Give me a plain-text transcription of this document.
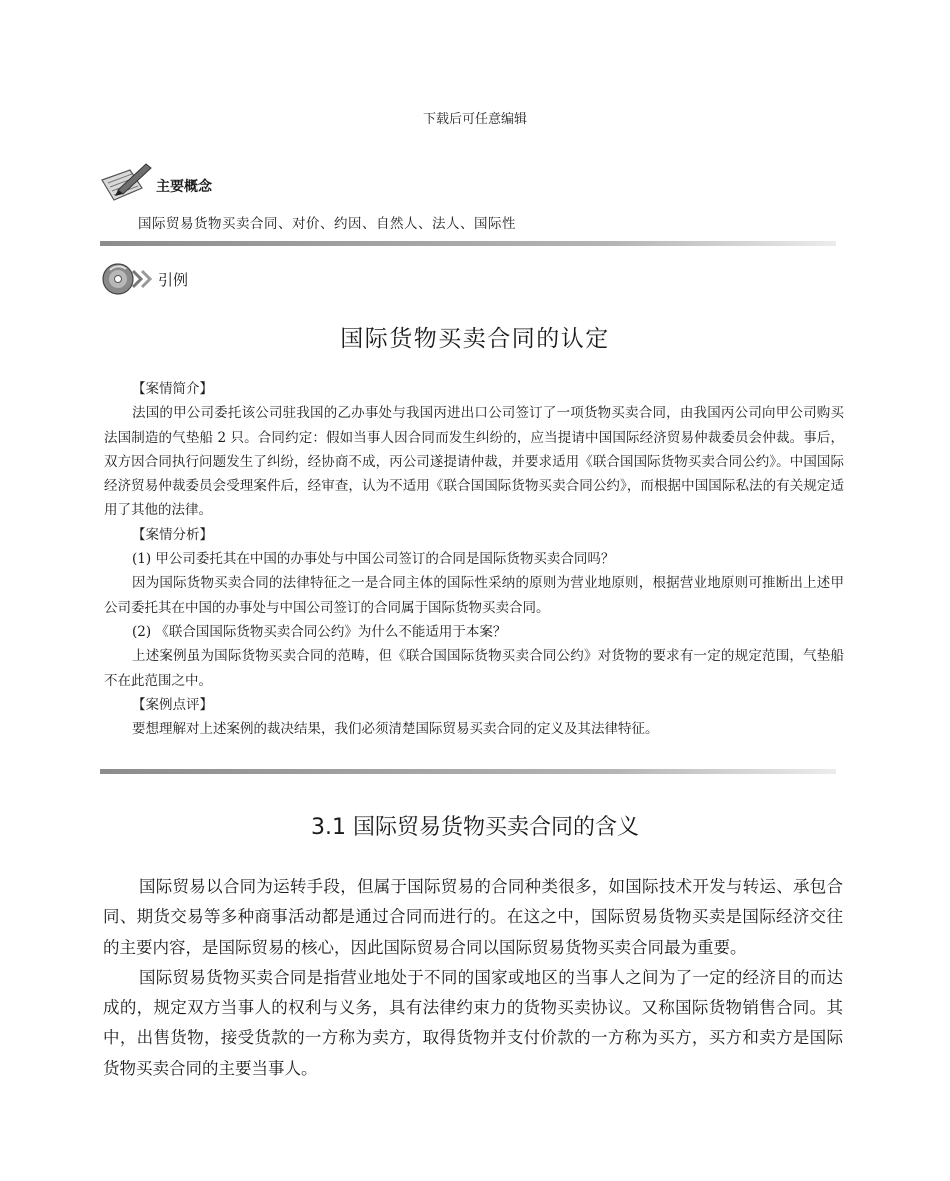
下载后可任意编辑
主要概念
国际贸易货物买卖合同、对价、约因、自然人、法人、国际性
引例
国际货物买卖合同的认定

【案情简介】

法国的甲公司委托该公司驻我国的乙办事处与我国丙进出口公司签订了一项货物买卖合同，由我国丙公司向甲公司购买法国制造的气垫船 2 只。合同约定：假如当事人因合同而发生纠纷的，应当提请中国国际经济贸易仲裁委员会仲裁。事后，双方因合同执行问题发生了纠纷，经协商不成，丙公司遂提请仲裁，并要求适用《联合国国际货物买卖合同公约》。中国国际经济贸易仲裁委员会受理案件后，经审查，认为不适用《联合国国际货物买卖合同公约》，而根据中国国际私法的有关规定适用了其他的法律。

【案情分析】

(1) 甲公司委托其在中国的办事处与中国公司签订的合同是国际货物买卖合同吗？

因为国际货物买卖合同的法律特征之一是合同主体的国际性采纳的原则为营业地原则，根据营业地原则可推断出上述甲公司委托其在中国的办事处与中国公司签订的合同属于国际货物买卖合同。

(2) 《联合国国际货物买卖合同公约》为什么不能适用于本案？

上述案例虽为国际货物买卖合同的范畴，但《联合国国际货物买卖合同公约》对货物的要求有一定的规定范围，气垫船不在此范围之中。

【案例点评】

要想理解对上述案例的裁决结果，我们必须清楚国际贸易买卖合同的定义及其法律特征。

3.1 国际贸易货物买卖合同的含义

国际贸易以合同为运转手段，但属于国际贸易的合同种类很多，如国际技术开发与转运、承包合同、期货交易等多种商事活动都是通过合同而进行的。在这之中，国际贸易货物买卖是国际经济交往的主要内容，是国际贸易的核心，因此国际贸易合同以国际贸易货物买卖合同最为重要。

国际贸易货物买卖合同是指营业地处于不同的国家或地区的当事人之间为了一定的经济目的而达成的，规定双方当事人的权利与义务，具有法律约束力的货物买卖协议。又称国际货物销售合同。其中，出售货物，接受货款的一方称为卖方，取得货物并支付价款的一方称为买方，买方和卖方是国际货物买卖合同的主要当事人。
